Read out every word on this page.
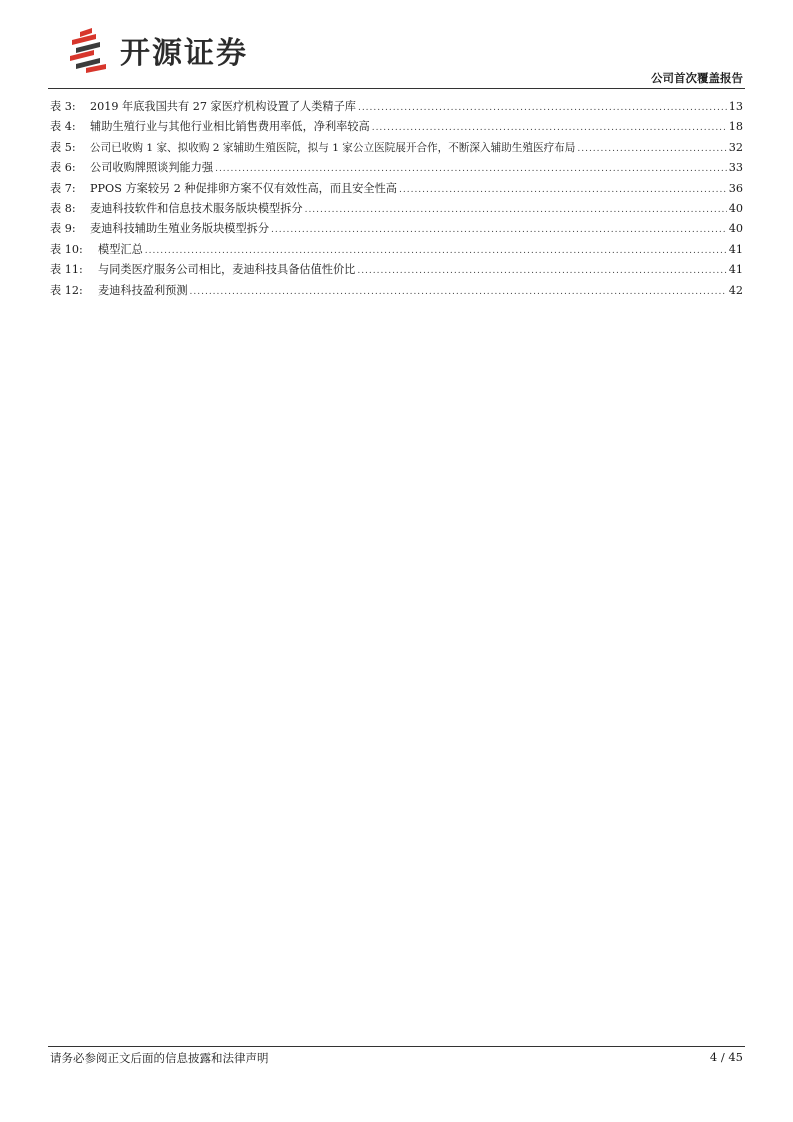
开源证券
公司首次覆盖报告
表 3:	2019 年底我国共有 27 家医疗机构设置了人类精子库 .....	13
表 4:	辅助生殖行业与其他行业相比销售费用率低，净利率较高 .....	18
表 5:	公司已收购 1 家、拟收购 2 家辅助生殖医院，拟与 1 家公立医院展开合作，不断深入辅助生殖医疗布局 .....	32
表 6:	公司收购牌照谈判能力强 .....	33
表 7:	PPOS 方案较另 2 种促排卵方案不仅有效性高，而且安全性高 .....	36
表 8:	麦迪科技软件和信息技术服务版块模型拆分 .....	40
表 9:	麦迪科技辅助生殖业务版块模型拆分 .....	40
表 10:	模型汇总 .....	41
表 11:	与同类医疗服务公司相比，麦迪科技具备估值性价比 .....	41
表 12:	麦迪科技盈利预测 .....	42
请务必参阅正文后面的信息披露和法律声明	4 / 45
